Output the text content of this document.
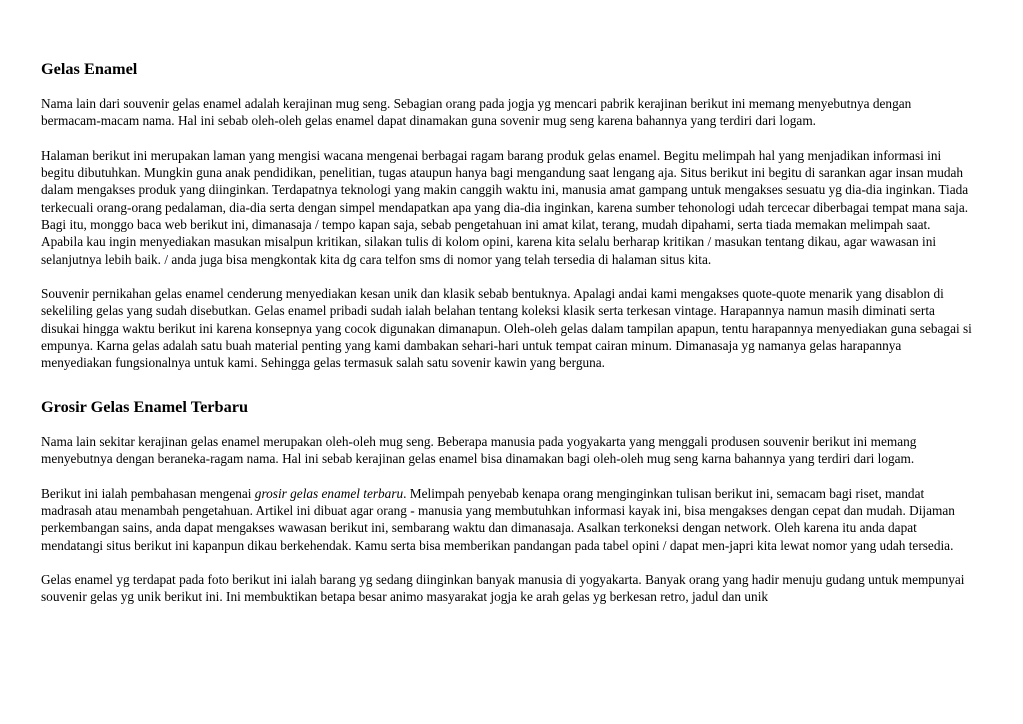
Gelas Enamel

Nama lain dari souvenir gelas enamel adalah kerajinan mug seng. Sebagian orang pada jogja yg mencari pabrik kerajinan berikut ini memang menyebutnya dengan bermacam-macam nama. Hal ini sebab oleh-oleh gelas enamel dapat dinamakan guna sovenir mug seng karena bahannya yang terdiri dari logam.

Halaman berikut ini merupakan laman yang mengisi wacana mengenai berbagai ragam barang produk gelas enamel. Begitu melimpah hal yang menjadikan informasi ini begitu dibutuhkan. Mungkin guna anak pendidikan, penelitian, tugas ataupun hanya bagi mengandung saat lengang aja. Situs berikut ini begitu di sarankan agar insan mudah dalam mengakses produk yang diinginkan. Terdapatnya teknologi yang makin canggih waktu ini, manusia amat gampang untuk mengakses sesuatu yg dia-dia inginkan. Tiada terkecuali orang-orang pedalaman, dia-dia serta dengan simpel mendapatkan apa yang dia-dia inginkan, karena sumber tehonologi udah tercecar diberbagai tempat mana saja. Bagi itu, monggo baca web berikut ini, dimanasaja / tempo kapan saja, sebab pengetahuan ini amat kilat, terang, mudah dipahami, serta tiada memakan melimpah saat. Apabila kau ingin menyediakan masukan misalpun kritikan, silakan tulis di kolom opini, karena kita selalu berharap kritikan / masukan tentang dikau, agar wawasan ini selanjutnya lebih baik. / anda juga bisa mengkontak kita dg cara telfon sms di nomor yang telah tersedia di halaman situs kita.

Souvenir pernikahan gelas enamel cenderung menyediakan kesan unik dan klasik sebab bentuknya. Apalagi andai kami mengakses quote-quote menarik yang disablon di sekeliling gelas yang sudah disebutkan. Gelas enamel pribadi sudah ialah belahan tentang koleksi klasik serta terkesan vintage. Harapannya namun masih diminati serta disukai hingga waktu berikut ini karena konsepnya yang cocok digunakan dimanapun. Oleh-oleh gelas dalam tampilan apapun, tentu harapannya menyediakan guna sebagai si empunya. Karna gelas adalah satu buah material penting yang kami dambakan sehari-hari untuk tempat cairan minum. Dimanasaja yg namanya gelas harapannya menyediakan fungsionalnya untuk kami. Sehingga gelas termasuk salah satu sovenir kawin yang berguna.

Grosir Gelas Enamel Terbaru

Nama lain sekitar kerajinan gelas enamel merupakan oleh-oleh mug seng. Beberapa manusia pada yogyakarta yang menggali produsen souvenir berikut ini memang menyebutnya dengan beraneka-ragam nama. Hal ini sebab kerajinan gelas enamel bisa dinamakan bagi oleh-oleh mug seng karna bahannya yang terdiri dari logam.

Berikut ini ialah pembahasan mengenai grosir gelas enamel terbaru. Melimpah penyebab kenapa orang menginginkan tulisan berikut ini, semacam bagi riset, mandat madrasah atau menambah pengetahuan. Artikel ini dibuat agar orang - manusia yang membutuhkan informasi kayak ini, bisa mengakses dengan cepat dan mudah. Dijaman perkembangan sains, anda dapat mengakses wawasan berikut ini, sembarang waktu dan dimanasaja. Asalkan terkoneksi dengan network. Oleh karena itu anda dapat mendatangi situs berikut ini kapanpun dikau berkehendak. Kamu serta bisa memberikan pandangan pada tabel opini / dapat men-japri kita lewat nomor yang udah tersedia.

Gelas enamel yg terdapat pada foto berikut ini ialah barang yg sedang diinginkan banyak manusia di yogyakarta. Banyak orang yang hadir menuju gudang untuk mempunyai souvenir gelas yg unik berikut ini. Ini membuktikan betapa besar animo masyarakat jogja ke arah gelas yg berkesan retro, jadul dan unik
